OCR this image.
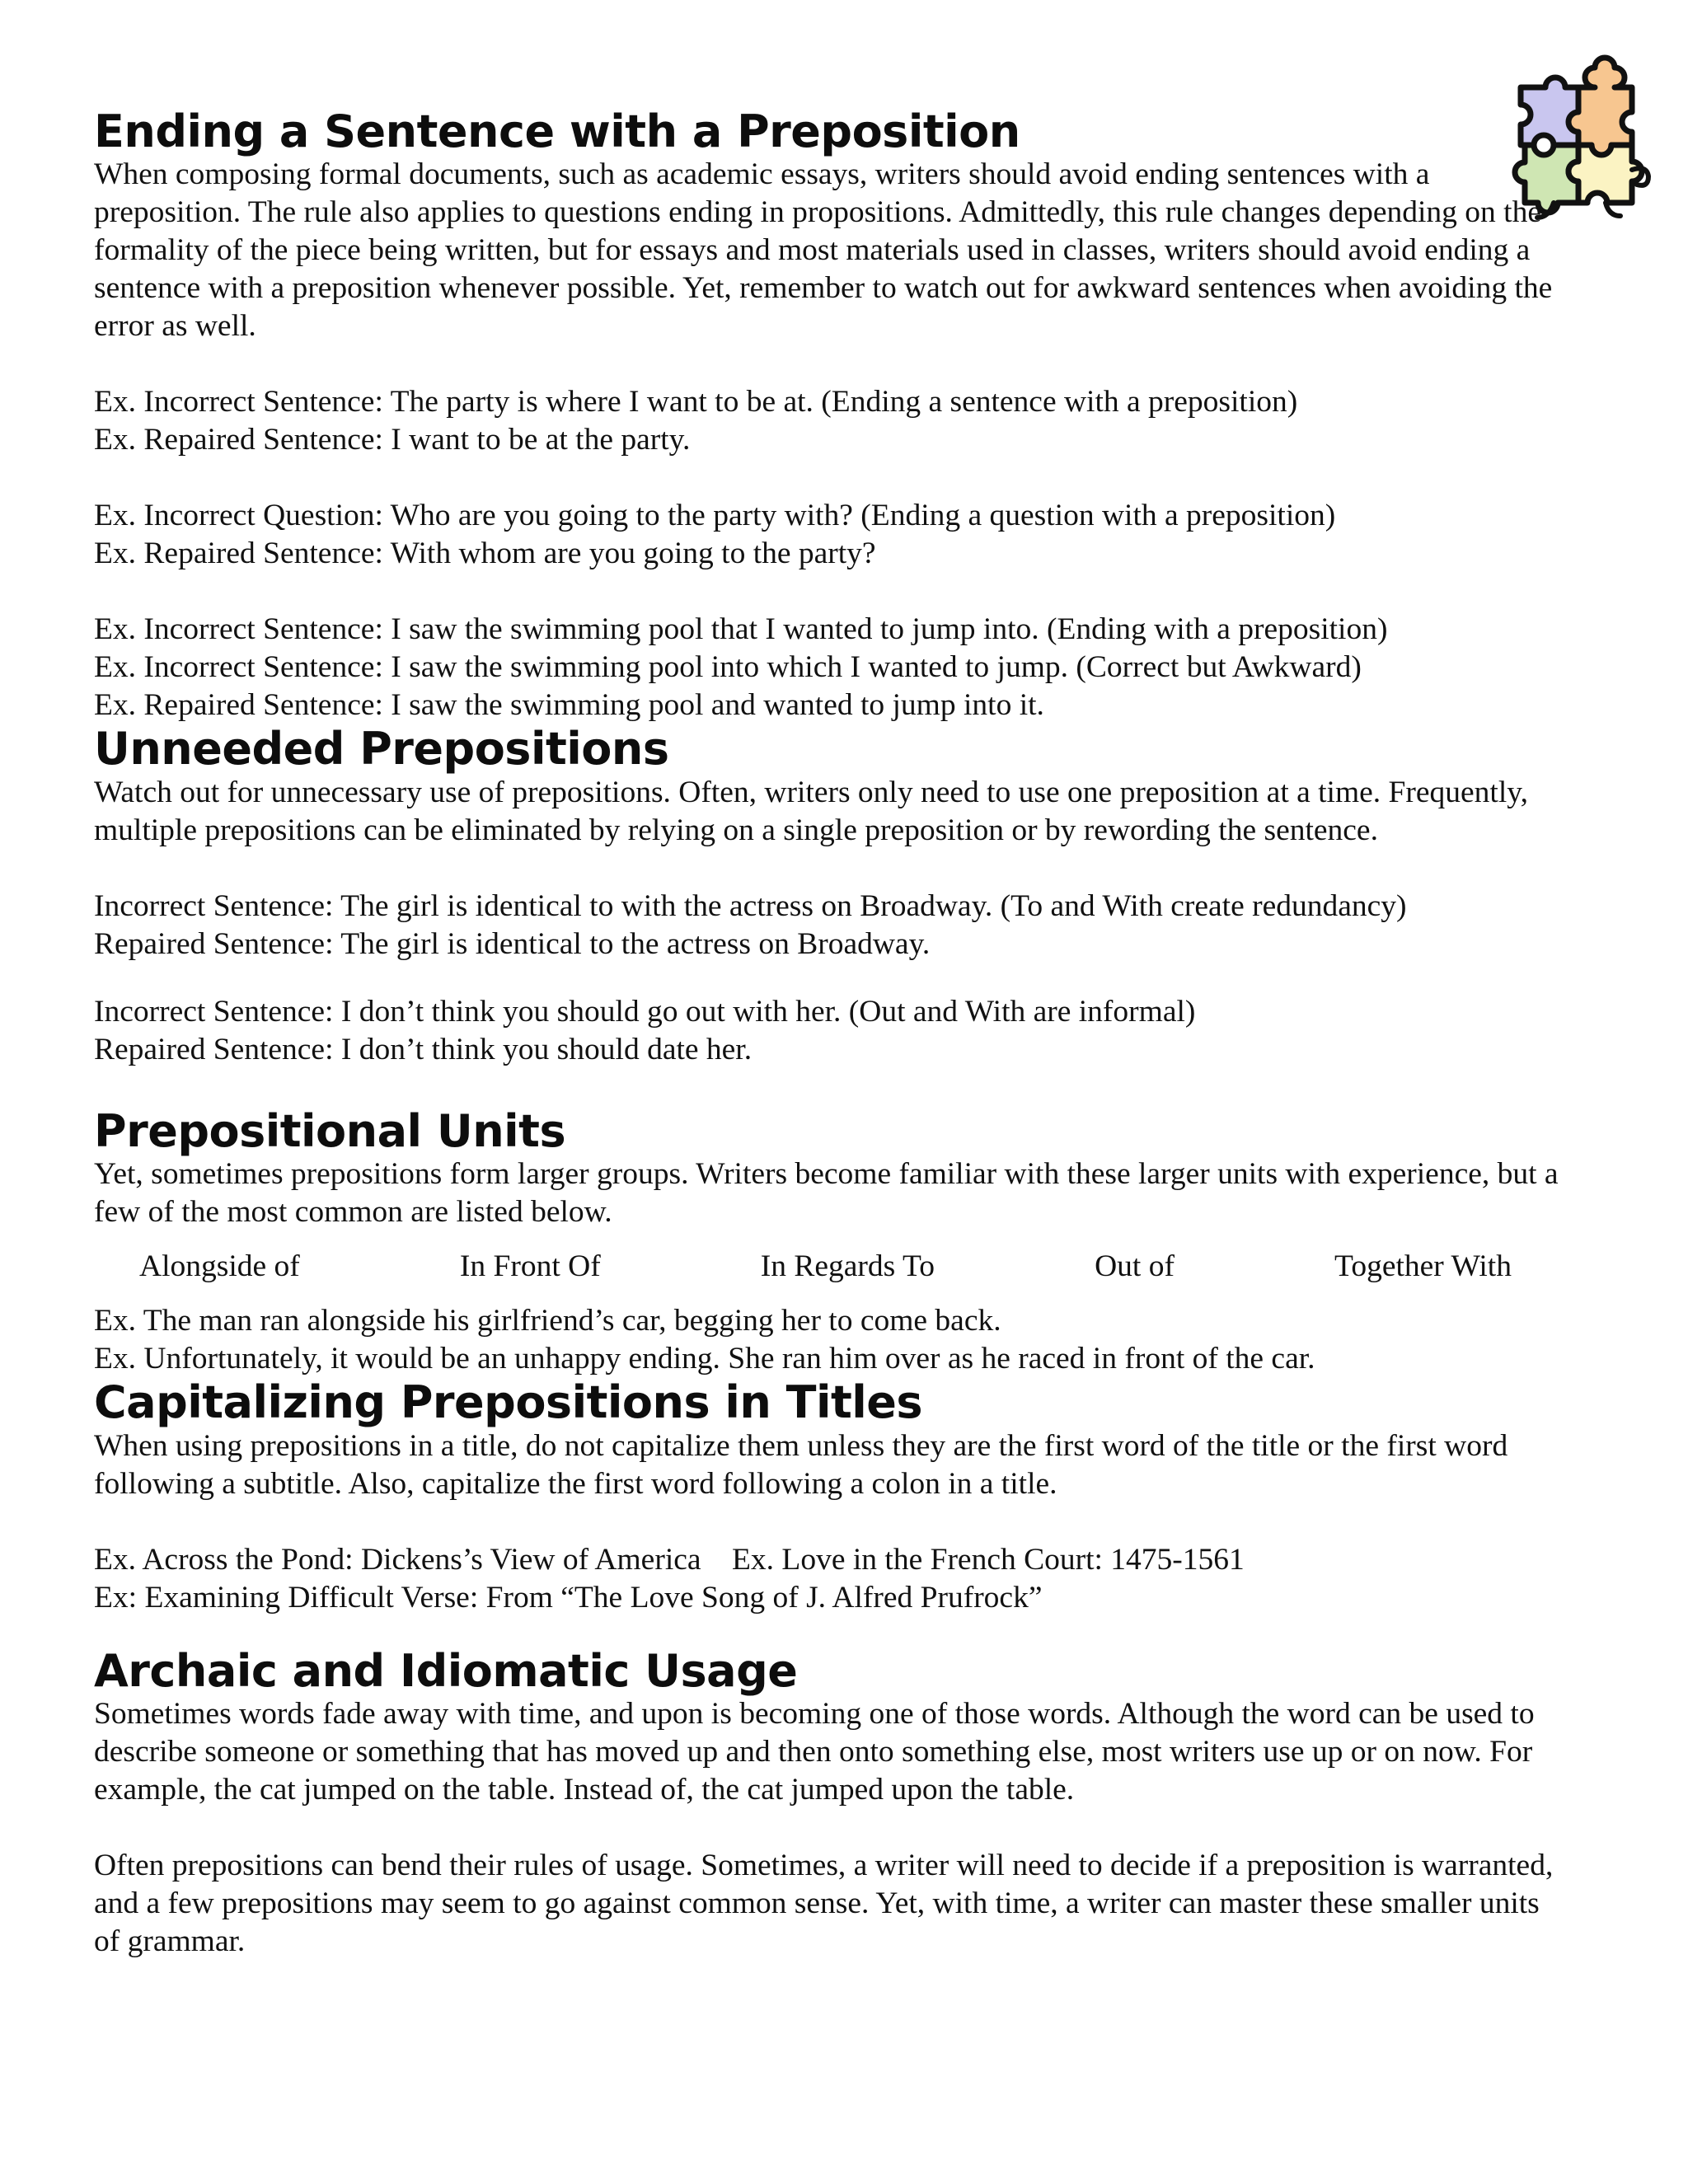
Ending a Sentence with a Preposition

When composing formal documents, such as academic essays, writers should avoid ending sentences with a preposition. The rule also applies to questions ending in propositions. Admittedly, this rule changes depending on the formality of the piece being written, but for essays and most materials used in classes, writers should avoid ending a sentence with a preposition whenever possible. Yet, remember to watch out for awkward sentences when avoiding the error as well.

Ex. Incorrect Sentence: The party is where I want to be at. (Ending a sentence with a preposition)
Ex. Repaired Sentence: I want to be at the party.
Ex. Incorrect Question: Who are you going to the party with? (Ending a question with a preposition)
Ex. Repaired Sentence: With whom are you going to the party?
Ex. Incorrect Sentence: I saw the swimming pool that I wanted to jump into. (Ending with a preposition)
Ex. Incorrect Sentence: I saw the swimming pool into which I wanted to jump. (Correct but Awkward)
Ex. Repaired Sentence: I saw the swimming pool and wanted to jump into it.
Unneeded Prepositions

Watch out for unnecessary use of prepositions. Often, writers only need to use one preposition at a time. Frequently, multiple prepositions can be eliminated by relying on a single preposition or by rewording the sentence.

Incorrect Sentence: The girl is identical to with the actress on Broadway. (To and With create redundancy)
Repaired Sentence: The girl is identical to the actress on Broadway.
Incorrect Sentence: I don’t think you should go out with her. (Out and With are informal)
Repaired Sentence: I don’t think you should date her.
Prepositional Units

Yet, sometimes prepositions form larger groups. Writers become familiar with these larger units with experience, but a few of the most common are listed below.

Alongside of	In Front Of	In Regards To	Out of	Together With
Ex. The man ran alongside his girlfriend’s car, begging her to come back.
Ex. Unfortunately, it would be an unhappy ending. She ran him over as he raced in front of the car.
Capitalizing Prepositions in Titles

When using prepositions in a title, do not capitalize them unless they are the first word of the title or the first word following a subtitle. Also, capitalize the first word following a colon in a title.

Ex. Across the Pond: Dickens’s View of America    Ex. Love in the French Court: 1475-1561
Ex: Examining Difficult Verse: From “The Love Song of J. Alfred Prufrock”
Archaic and Idiomatic Usage

Sometimes words fade away with time, and upon is becoming one of those words. Although the word can be used to describe someone or something that has moved up and then onto something else, most writers use up or on now. For example, the cat jumped on the table. Instead of, the cat jumped upon the table.

Often prepositions can bend their rules of usage. Sometimes, a writer will need to decide if a preposition is warranted, and a few prepositions may seem to go against common sense. Yet, with time, a writer can master these smaller units of grammar.
